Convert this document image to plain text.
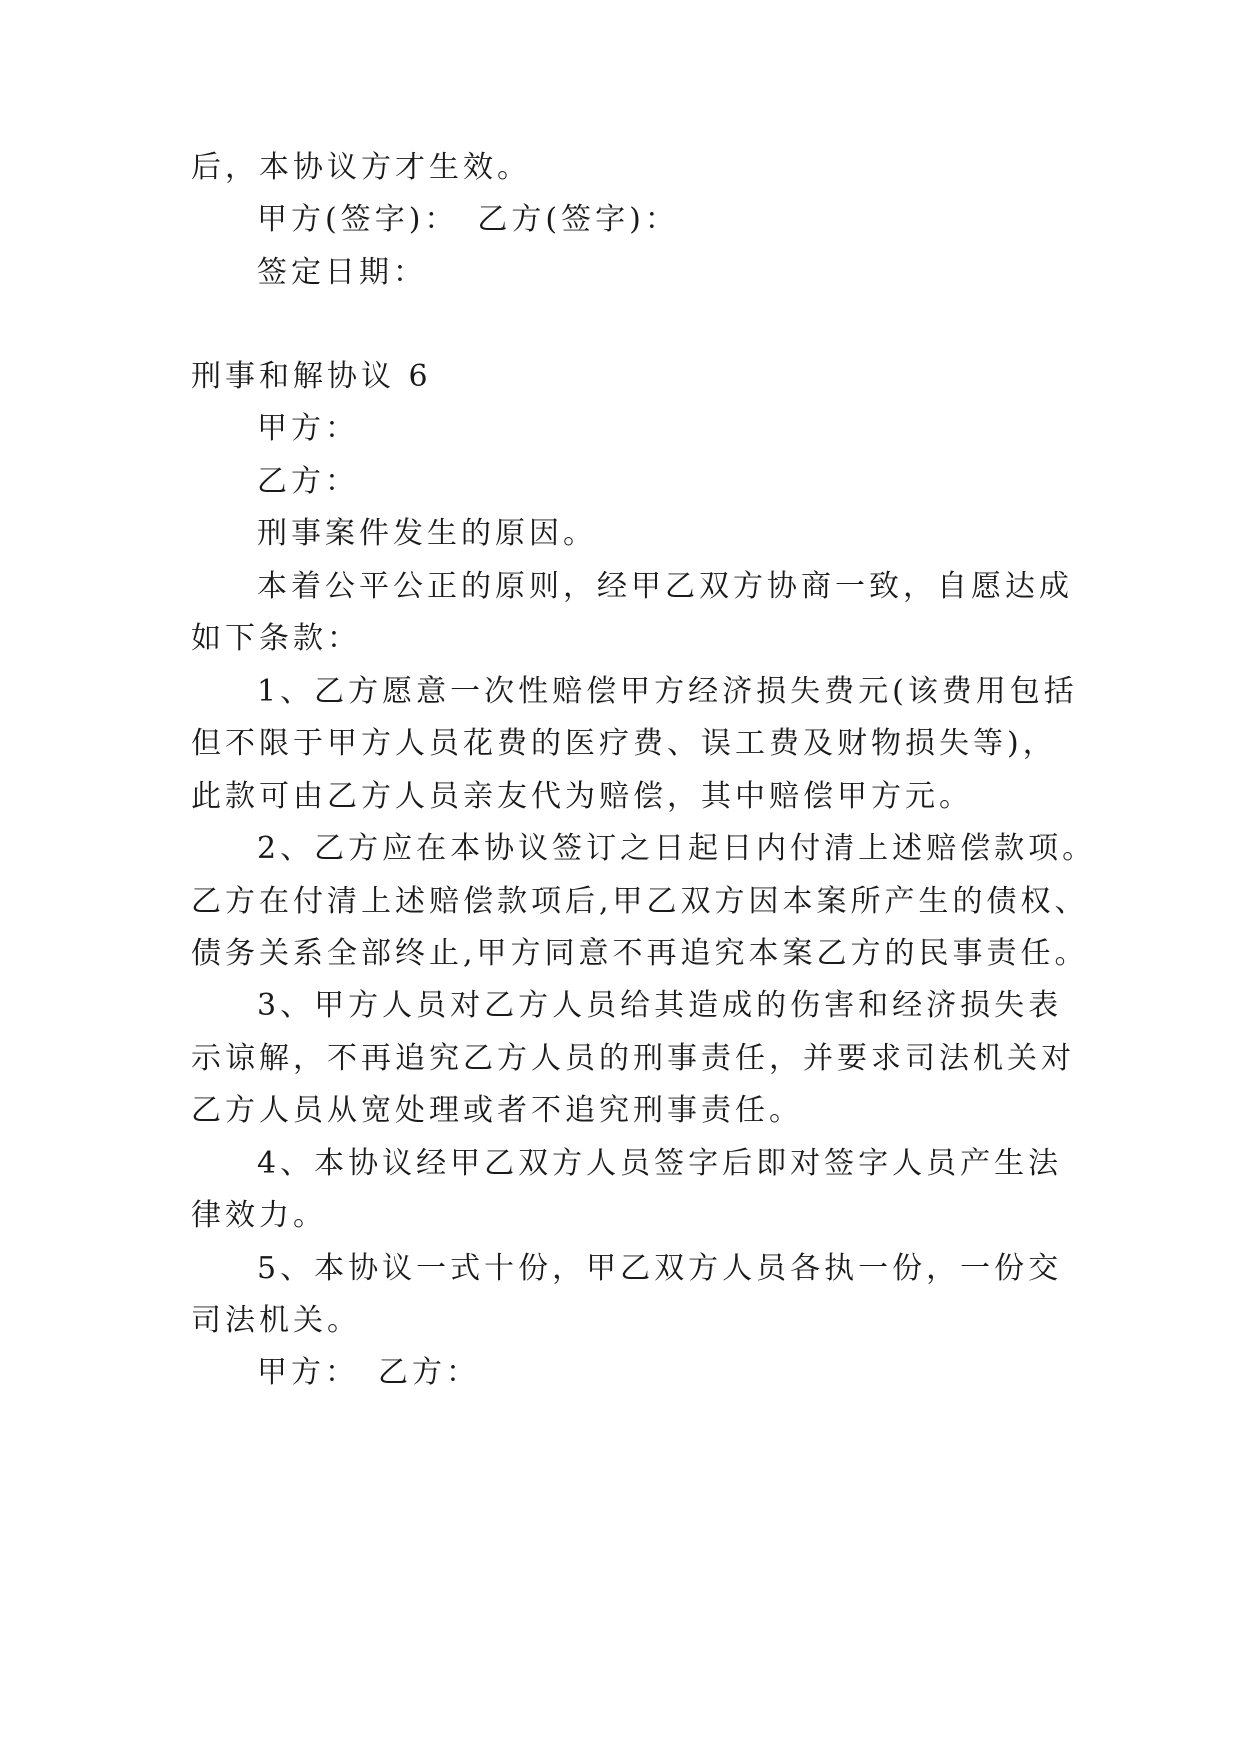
后，本协议方才生效。
甲方(签字)：　乙方(签字)：
签定日期：
刑事和解协议 6
甲方：
乙方：
刑事案件发生的原因。
本着公平公正的原则，经甲乙双方协商一致，自愿达成
如下条款：
1、乙方愿意一次性赔偿甲方经济损失费元(该费用包括
但不限于甲方人员花费的医疗费、误工费及财物损失等)，
此款可由乙方人员亲友代为赔偿，其中赔偿甲方元。
2、乙方应在本协议签订之日起日内付清上述赔偿款项。
乙方在付清上述赔偿款项后,甲乙双方因本案所产生的债权、
债务关系全部终止,甲方同意不再追究本案乙方的民事责任。
3、甲方人员对乙方人员给其造成的伤害和经济损失表
示谅解，不再追究乙方人员的刑事责任，并要求司法机关对
乙方人员从宽处理或者不追究刑事责任。
4、本协议经甲乙双方人员签字后即对签字人员产生法
律效力。
5、本协议一式十份，甲乙双方人员各执一份，一份交
司法机关。
甲方：　乙方：
